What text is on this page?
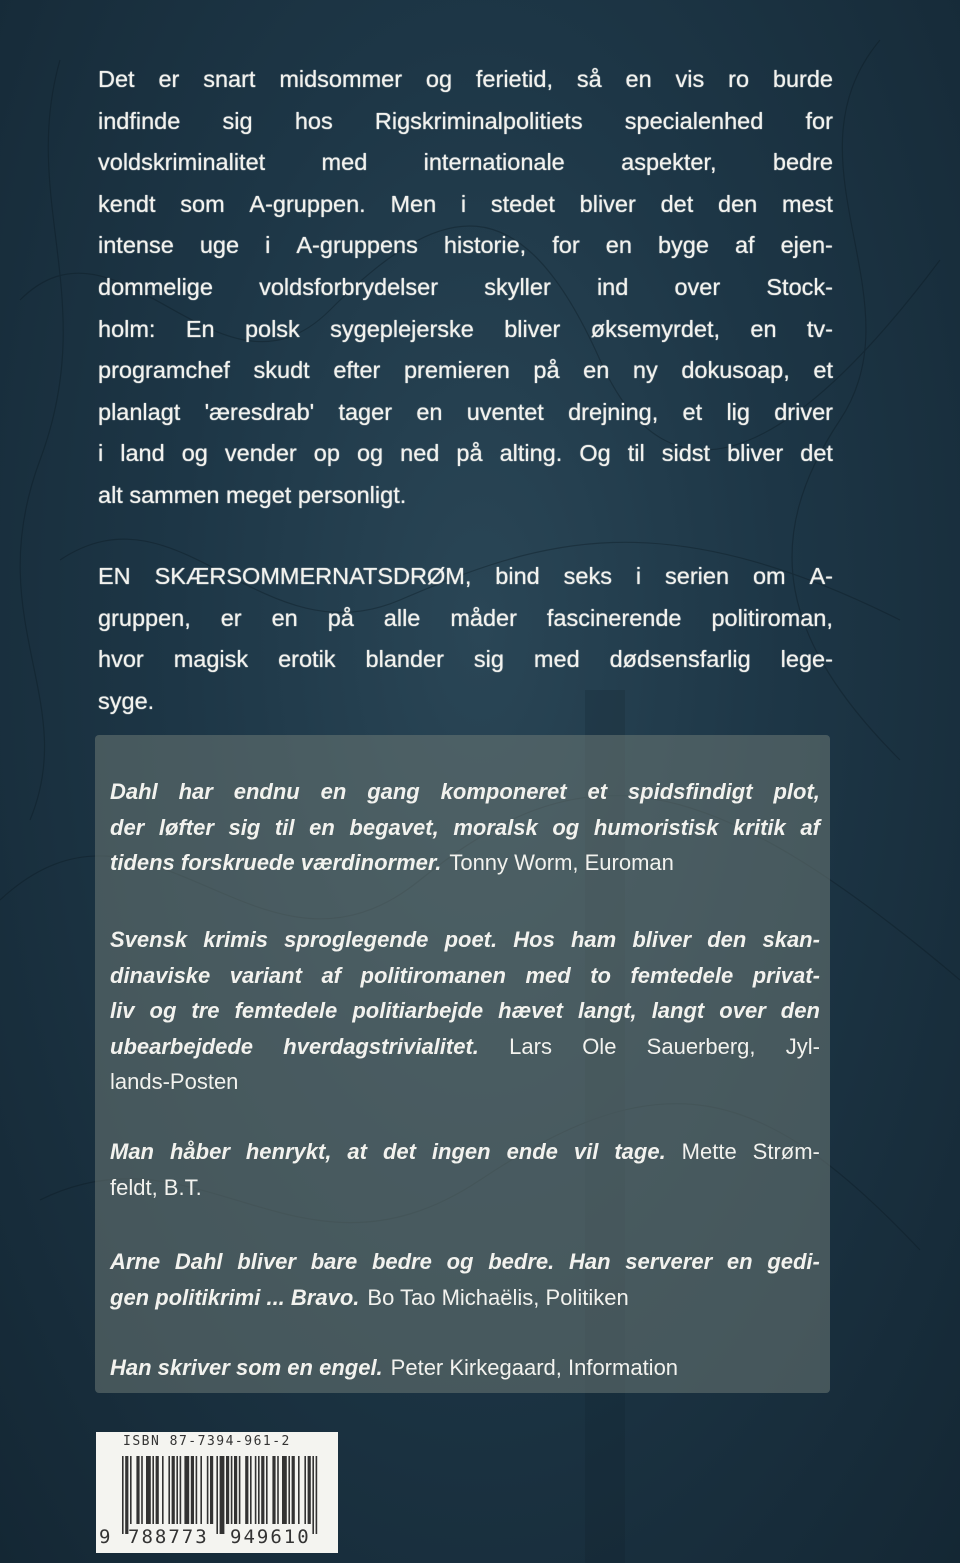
Det er snart midsommer og ferietid, så en vis ro burde
indfinde sig hos Rigskriminalpolitiets specialenhed for
voldskriminalitet med internationale aspekter, bedre
kendt som A-gruppen. Men i stedet bliver det den mest
intense uge i A-gruppens historie, for en byge af ejen-
dommelige voldsforbrydelser skyller ind over Stock-
holm: En polsk sygeplejerske bliver øksemyrdet, en tv-
programchef skudt efter premieren på en ny dokusoap, et
planlagt 'æresdrab' tager en uventet drejning, et lig driver
i land og vender op og ned på alting. Og til sidst bliver det
alt sammen meget personligt.
EN SKÆRSOMMERNATSDRØM, bind seks i serien om A-
gruppen, er en på alle måder fascinerende politiroman,
hvor magisk erotik blander sig med dødsensfarlig lege-
syge.
Dahl har endnu en gang komponeret et spidsfindigt plot,
der løfter sig til en begavet, moralsk og humoristisk kritik af
tidens forskruede værdinormer. Tonny Worm, Euroman
Svensk krimis sproglegende poet. Hos ham bliver den skan-
dinaviske variant af politiromanen med to femtedele privat-
liv og tre femtedele politiarbejde hævet langt, langt over den
ubearbejdede hverdagstrivialitet. Lars Ole Sauerberg, Jyl-
lands-Posten
Man håber henrykt, at det ingen ende vil tage. Mette Strøm-
feldt, B.T.
Arne Dahl bliver bare bedre og bedre. Han serverer en gedi-
gen politikrimi ... Bravo. Bo Tao Michaëlis, Politiken
Han skriver som en engel. Peter Kirkegaard, Information
ISBN 87-7394-961-2
9 788773 949610
